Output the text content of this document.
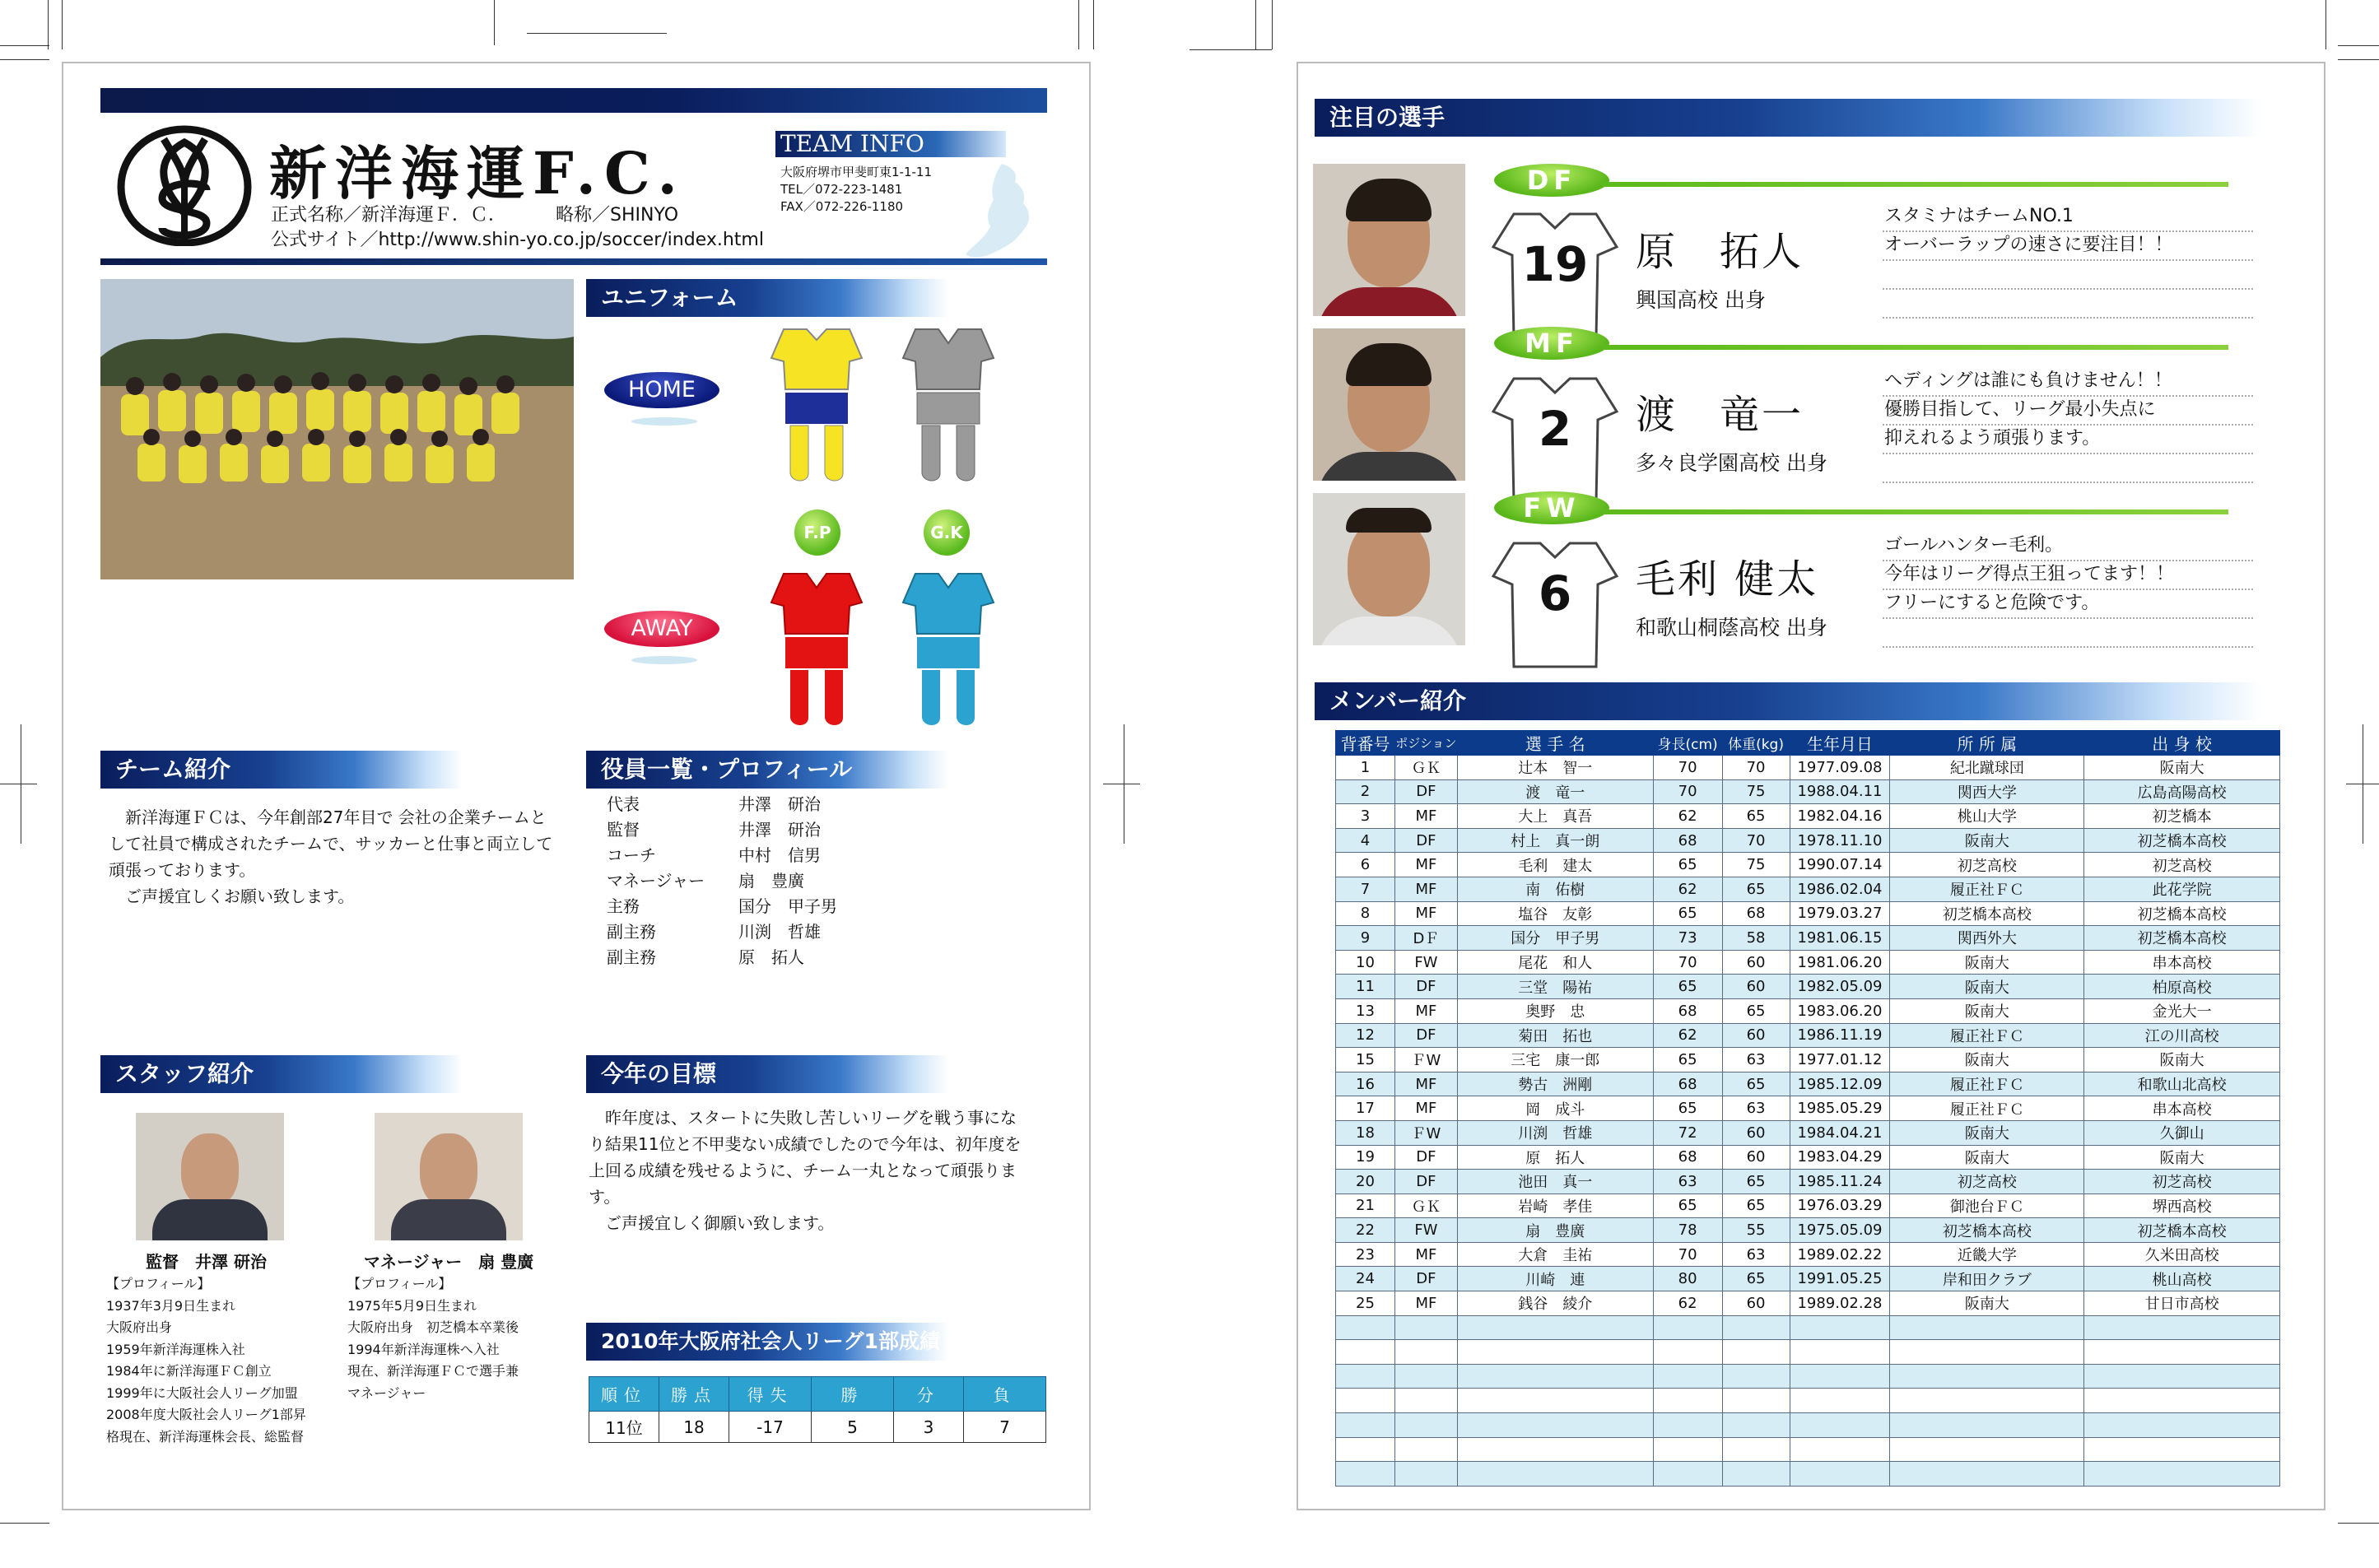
新洋海運F.C.
正式名称／新洋海運Ｆ．Ｃ．	略称／SHINYO
公式サイト／http://www.shin-yo.co.jp/soccer/index.html
TEAM INFO
大阪府堺市甲斐町東1-1-11
TEL／072-223-1481
FAX／072-226-1180
ユニフォーム
HOME
AWAY
F.P	G.K
チーム紹介
新洋海運ＦＣは、今年創部27年目で 会社の企業チームと
して社員で構成されたチームで、サッカーと仕事と両立して
頑張っております。
ご声援宜しくお願い致します。
役員一覧・プロフィール
代表	井澤　研治
監督	井澤　研治
コーチ	中村　信男
マネージャー	扇　豊廣
主務	国分　甲子男
副主務	川渕　哲雄
副主務	原　拓人
スタッフ紹介
監督　井澤 研治
【プロフィール】
1937年3月9日生まれ
大阪府出身
1959年新洋海運株入社
1984年に新洋海運ＦＣ創立
1999年に大阪社会人リーグ加盟
2008年度大阪社会人リーグ1部昇
格現在、新洋海運株会長、総監督
マネージャー　扇 豊廣
【プロフィール】
1975年5月9日生まれ
大阪府出身　初芝橋本卒業後
1994年新洋海運株へ入社
現在、新洋海運ＦＣで選手兼
マネージャー
今年の目標
昨年度は、スタートに失敗し苦しいリーグを戦う事にな
り結果11位と不甲斐ない成績でしたので今年は、初年度を
上回る成績を残せるように、チーム一丸となって頑張りま
す。
ご声援宜しく御願い致します。
2010年大阪府社会人リーグ1部成績
順位	勝点	得失	勝	分	負
11位	18	-17	5	3	7
注目の選手
DF
19	原　拓人
興国高校 出身
スタミナはチームNO.1
オーバーラップの速さに要注目！！
MF
2	渡　竜一
多々良学園高校 出身
ヘディングは誰にも負けません！！
優勝目指して、リーグ最小失点に
抑えれるよう頑張ります。
FW
6	毛利 健太
和歌山桐蔭高校 出身
ゴールハンター毛利。
今年はリーグ得点王狙ってます！！
フリーにすると危険です。
メンバー紹介
背番号	ポジション	選 手 名	身長(cm)	体重(kg)	生年月日	所 所 属	出 身 校
1	ＧＫ	辻本　智一	70	70	1977.09.08	紀北蹴球団	阪南大
2	DF	渡　竜一	70	75	1988.04.11	関西大学	広島高陽高校
3	MF	大上　真吾	62	65	1982.04.16	桃山大学	初芝橋本
4	DF	村上　真一朗	68	70	1978.11.10	阪南大	初芝橋本高校
6	MF	毛利　建太	65	75	1990.07.14	初芝高校	初芝高校
7	MF	南　佑樹	62	65	1986.02.04	履正社ＦＣ	此花学院
8	MF	塩谷　友彰	65	68	1979.03.27	初芝橋本高校	初芝橋本高校
9	DＦ	国分　甲子男	73	58	1981.06.15	関西外大	初芝橋本高校
10	FW	尾花　和人	70	60	1981.06.20	阪南大	串本高校
11	DF	三堂　陽祐	65	60	1982.05.09	阪南大	柏原高校
13	MF	奥野　忠	68	65	1983.06.20	阪南大	金光大一
12	DF	菊田　拓也	62	60	1986.11.19	履正社ＦＣ	江の川高校
15	ＦW	三宅　康一郎	65	63	1977.01.12	阪南大	阪南大
16	MF	勢古　洲剛	68	65	1985.12.09	履正社ＦＣ	和歌山北高校
17	MF	岡　成斗	65	63	1985.05.29	履正社ＦＣ	串本高校
18	ＦW	川渕　哲雄	72	60	1984.04.21	阪南大	久御山
19	DF	原　拓人	68	60	1983.04.29	阪南大	阪南大
20	DF	池田　真一	63	65	1985.11.24	初芝高校	初芝高校
21	ＧＫ	岩崎　孝佳	65	65	1976.03.29	御池台ＦＣ	堺西高校
22	FW	扇　豊廣	78	55	1975.05.09	初芝橋本高校	初芝橋本高校
23	MF	大倉　圭祐	70	63	1989.02.22	近畿大学	久米田高校
24	DF	川崎　連	80	65	1991.05.25	岸和田クラブ	桃山高校
25	MF	銭谷　綾介	62	60	1989.02.28	阪南大	甘日市高校
